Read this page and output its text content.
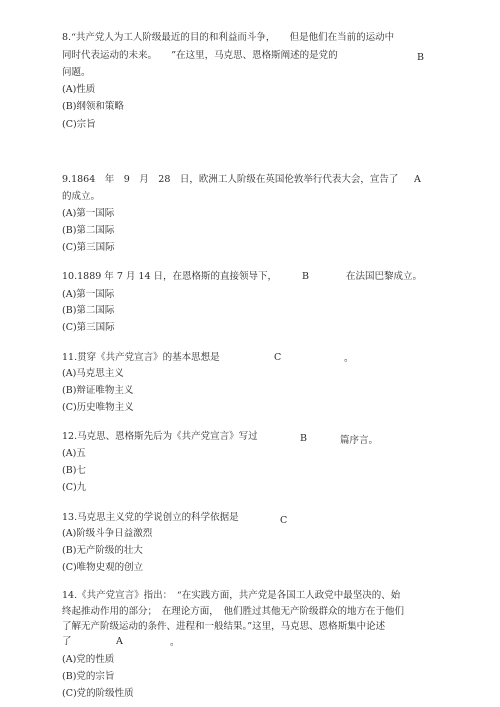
8.“共产党人为工人阶级最近的目的和利益而斗争，　　但是他们在当前的运动中
同时代表运动的未来。　　”在这里，马克思、恩格斯阐述的是党的	B
问题。
(A)性质
(B)纲领和策略
(C)宗旨
9.1864　年　9　月　28　日，欧洲工人阶级在英国伦敦举行代表大会，宣告了 A
的成立。
(A)第一国际
(B)第二国际
(C)第三国际
10.1889 年 7 月 14 日，在恩格斯的直接领导下，	B	在法国巴黎成立。
(A)第一国际
(B)第二国际
(C)第三国际
11.贯穿《共产党宣言》的基本思想是	C	。
(A)马克思主义
(B)辩证唯物主义
(C)历史唯物主义
12.马克思、恩格斯先后为《共产党宣言》写过	B	篇序言。
(A)五
(B)七
(C)九
13.马克思主义党的学说创立的科学依据是	C
(A)阶级斗争日益激烈
(B)无产阶级的壮大
(C)唯物史观的创立
14.《共产党宣言》指出：　“在实践方面，共产党是各国工人政党中最坚决的、始
终起推动作用的部分；　在理论方面，　他们胜过其他无产阶级群众的地方在于他们
了解无产阶级运动的条件、进程和一般结果。”这里，马克思、恩格斯集中论述
了	A	。
(A)党的性质
(B)党的宗旨
(C)党的阶级性质
